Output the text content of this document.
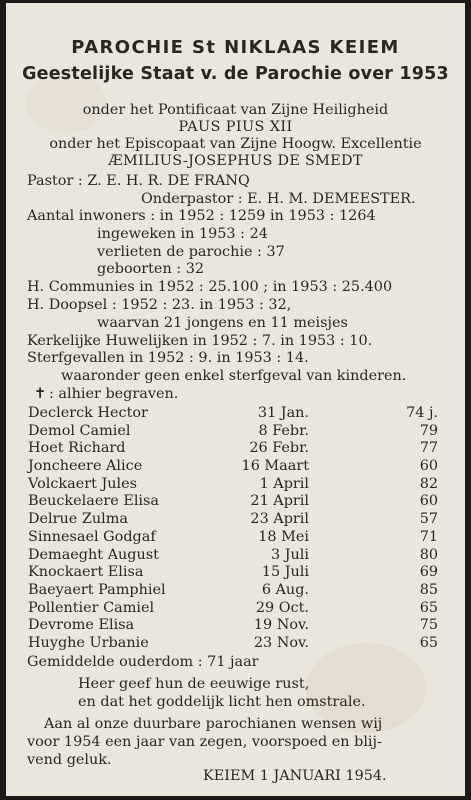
PAROCHIE St NIKLAAS KEIEM
Geestelijke Staat v. de Parochie over 1953
onder het Pontificaat van Zijne Heiligheid
PAUS PIUS XII
onder het Episcopaat van Zijne Hoogw. Excellentie
ÆMILIUS-JOSEPHUS DE SMEDT
Pastor : Z. E. H. R. DE FRANQ
Onderpastor : E. H. M. DEMEESTER.
Aantal inwoners : in 1952 : 1259 in 1953 : 1264
ingeweken in 1953 : 24
verlieten de parochie : 37
geboorten : 32
H. Communies in 1952 : 25.100 ; in 1953 : 25.400
H. Doopsel : 1952 : 23. in 1953 : 32,
waarvan 21 jongens en 11 meisjes
Kerkelijke Huwelijken in 1952 : 7. in 1953 : 10.
Sterfgevallen in 1952 : 9. in 1953 : 14.
waaronder geen enkel sterfgeval van kinderen.
✝ : alhier begraven.
Declerck Hector	31 Jan.	74 j.
Demol Camiel	8 Febr.	79
Hoet Richard	26 Febr.	77
Joncheere Alice	16 Maart	60
Volckaert Jules	1 April	82
Beuckelaere Elisa	21 April	60
Delrue Zulma	23 April	57
Sinnesael Godgaf	18 Mei	71
Demaeght August	3 Juli	80
Knockaert Elisa	15 Juli	69
Baeyaert Pamphiel	6 Aug.	85
Pollentier Camiel	29 Oct.	65
Devrome Elisa	19 Nov.	75
Huyghe Urbanie	23 Nov.	65
Gemiddelde ouderdom : 71 jaar
Heer geef hun de eeuwige rust,
en dat het goddelijk licht hen omstrale.
Aan al onze duurbare parochianen wensen wij
voor 1954 een jaar van zegen, voorspoed en blij-
vend geluk.
KEIEM 1 JANUARI 1954.
